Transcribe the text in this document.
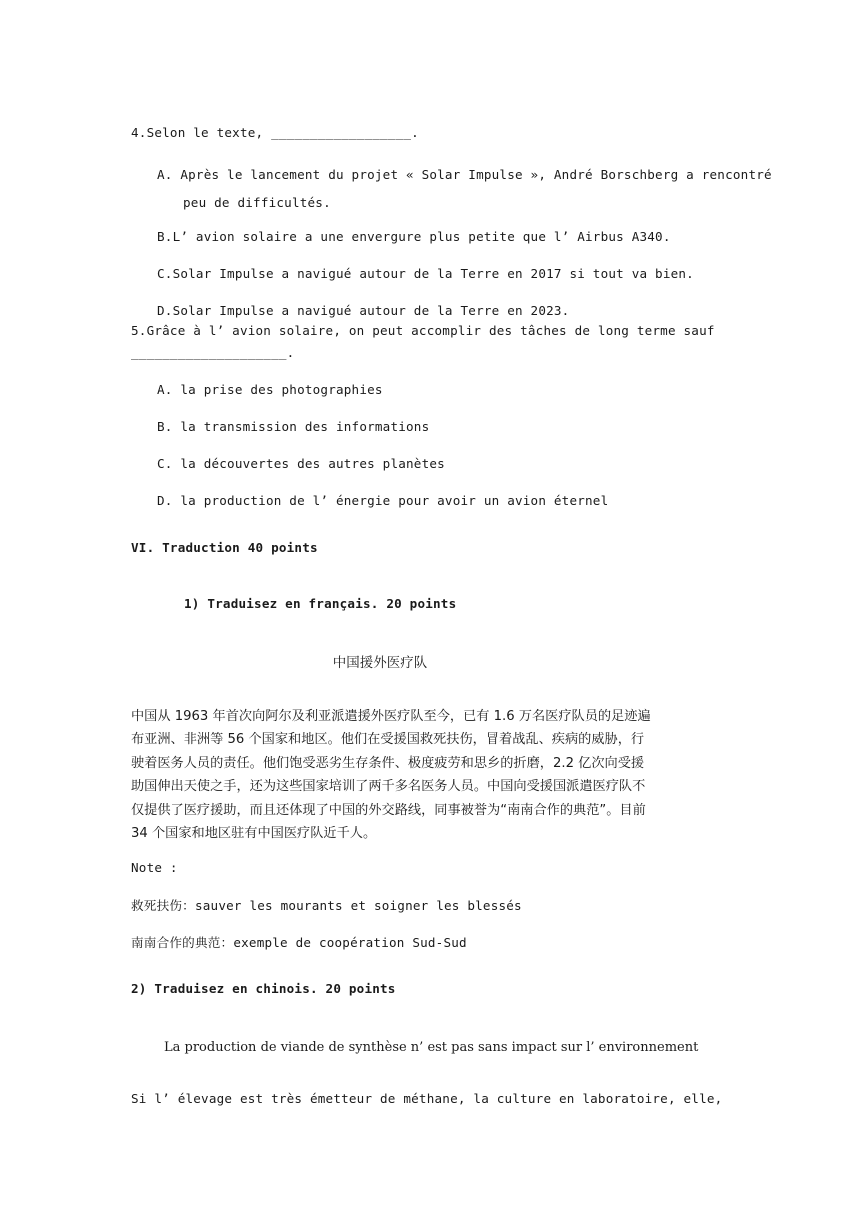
4.Selon le texte, __________________.
A. Après le lancement du projet « Solar Impulse », André Borschberg a rencontré
peu de difficultés.
B.L’ avion solaire a une envergure plus petite que l’ Airbus A340.
C.Solar Impulse a navigué autour de la Terre en 2017 si tout va bien.
D.Solar Impulse a navigué autour de la Terre en 2023.
5.Grâce à l’ avion solaire, on peut accomplir des tâches de long terme sauf
____________________.
A. la prise des photographies
B. la transmission des informations
C. la découvertes des autres planètes
D. la production de l’ énergie pour avoir un avion éternel
VI. Traduction 40 points
1) Traduisez en français. 20 points
中国援外医疗队
中国从 1963 年首次向阿尔及利亚派遣援外医疗队至今，已有 1.6 万名医疗队员的足迹遍
布亚洲、非洲等 56 个国家和地区。他们在受援国救死扶伤，冒着战乱、疾病的威胁，行
驶着医务人员的责任。他们饱受恶劣生存条件、极度疲劳和思乡的折磨，2.2 亿次向受援
助国伸出天使之手，还为这些国家培训了两千多名医务人员。中国向受援国派遣医疗队不
仅提供了医疗援助，而且还体现了中国的外交路线，同事被誉为“南南合作的典范”。目前
34 个国家和地区驻有中国医疗队近千人。
Note :
救死扶伤：sauver les mourants et soigner les blessés
南南合作的典范：exemple de coopération Sud-Sud
2) Traduisez en chinois. 20 points
La production de viande de synthèse n’ est pas sans impact sur l’ environnement
Si l’ élevage est très émetteur de méthane, la culture en laboratoire, elle,
